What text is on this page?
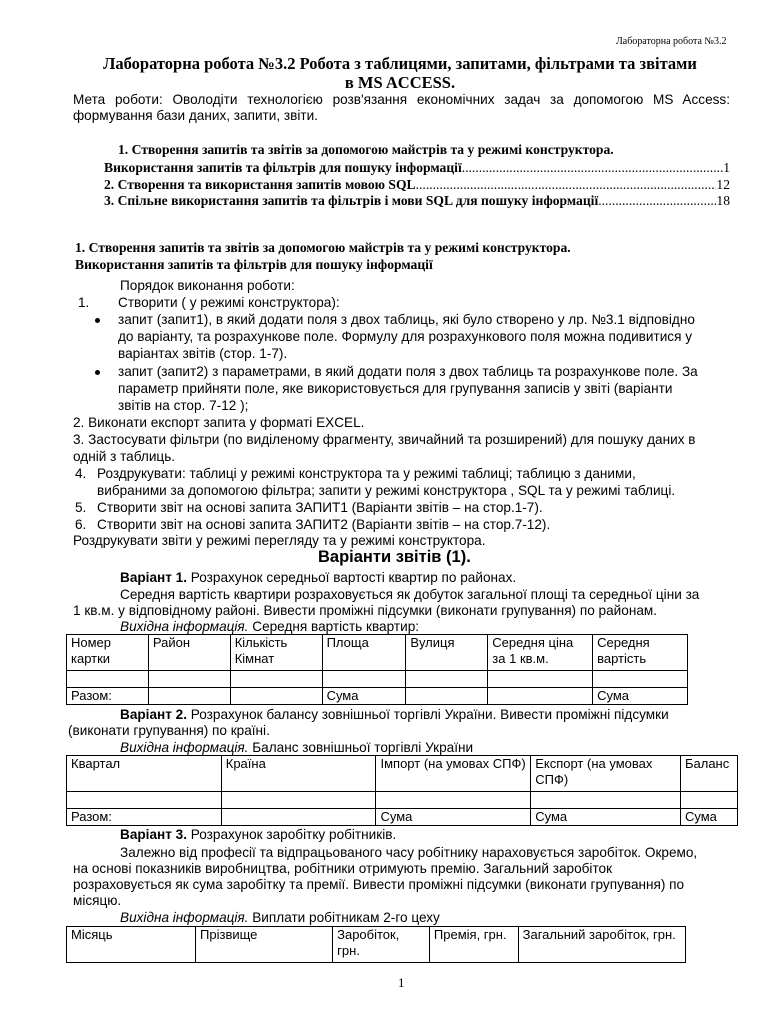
Лабораторна робота №3.2
Лабораторна робота №3.2 Робота з таблицями, запитами, фільтрами та звітами
в MS ACCESS.
Мета роботи: Оволодіти технологією розв'язання економічних задач за допомогою MS Access: формування бази даних, запити, звіти.
1. Створення запитів та звітів за допомогою майстрів та у режимі конструктора.
Використання запитів та фільтрів для пошуку інформації .....	1
2. Створення та використання запитів мовою SQL .....	12
3. Спільне використання запитів та фільтрів і мови SQL для пошуку інформації .....	18
1. Створення запитів та звітів за допомогою майстрів та у режимі конструктора.
Використання запитів та фільтрів для пошуку інформації
Порядок виконання роботи:
1. Створити ( у режимі конструктора):
запит (запит1), в який додати поля з двох таблиць, які було створено у лр. №3.1 відповідно
до варіанту, та розрахункове поле. Формулу для розрахункового поля можна подивитися у
варіантах звітів (стор. 1-7).
запит (запит2) з параметрами, в який додати поля з двох таблиць та розрахункове поле. За
параметр прийняти поле, яке використовується для групування записів у звіті (варіанти
звітів на стор. 7-12 );
2. Виконати експорт запита у форматі EXCEL.
3. Застосувати фільтри (по виділеному фрагменту, звичайний та розширений) для пошуку даних в
одній з таблиць.
4. Роздрукувати: таблиці у режимі конструктора та у режимі таблиці; таблицю з даними,
вибраними за допомогою фільтра; запити у режимі конструктора , SQL та у режимі таблиці.
5. Створити звіт на основі запита ЗАПИТ1 (Варіанти звітів – на стор.1-7).
6. Створити звіт на основі запита ЗАПИТ2 (Варіанти звітів – на стор.7-12).
Роздрукувати звіти у режимі перегляду та у режимі конструктора.
Варіанти звітів (1).
Варіант 1. Розрахунок середньої вартості квартир по районах.
Середня вартість квартири розраховується як добуток загальної площі та середньої ціни за
1 кв.м. у відповідному районі. Вивести проміжні підсумки (виконати групування) по районам.
Вихідна інформація. Середня вартість квартир:
Номер картки	Район	Кількість Кімнат	Площа	Вулиця	Середня ціна за 1 кв.м.	Середня вартість

Разом:			Сума			Сума
Варіант 2. Розрахунок балансу зовнішньої торгівлі України. Вивести проміжні підсумки
(виконати групування) по країні.
Вихідна інформація. Баланс зовнішньої торгівлі України
Квартал	Країна	Імпорт (на умовах СПФ)	Експорт (на умовах СПФ)	Баланс

Разом:		Сума	Сума	Сума
Варіант 3. Розрахунок заробітку робітників.
Залежно від професії та відпрацьованого часу робітнику нараховується заробіток. Окремо,
на основі показників виробництва, робітники отримують премію. Загальний заробіток
розраховується як сума заробітку та премії. Вивести проміжні підсумки (виконати групування) по
місяцю.
Вихідна інформація. Виплати робітникам 2-го цеху
Місяць	Прізвище	Заробіток, грн.	Премія, грн.	Загальний заробіток, грн.
1
